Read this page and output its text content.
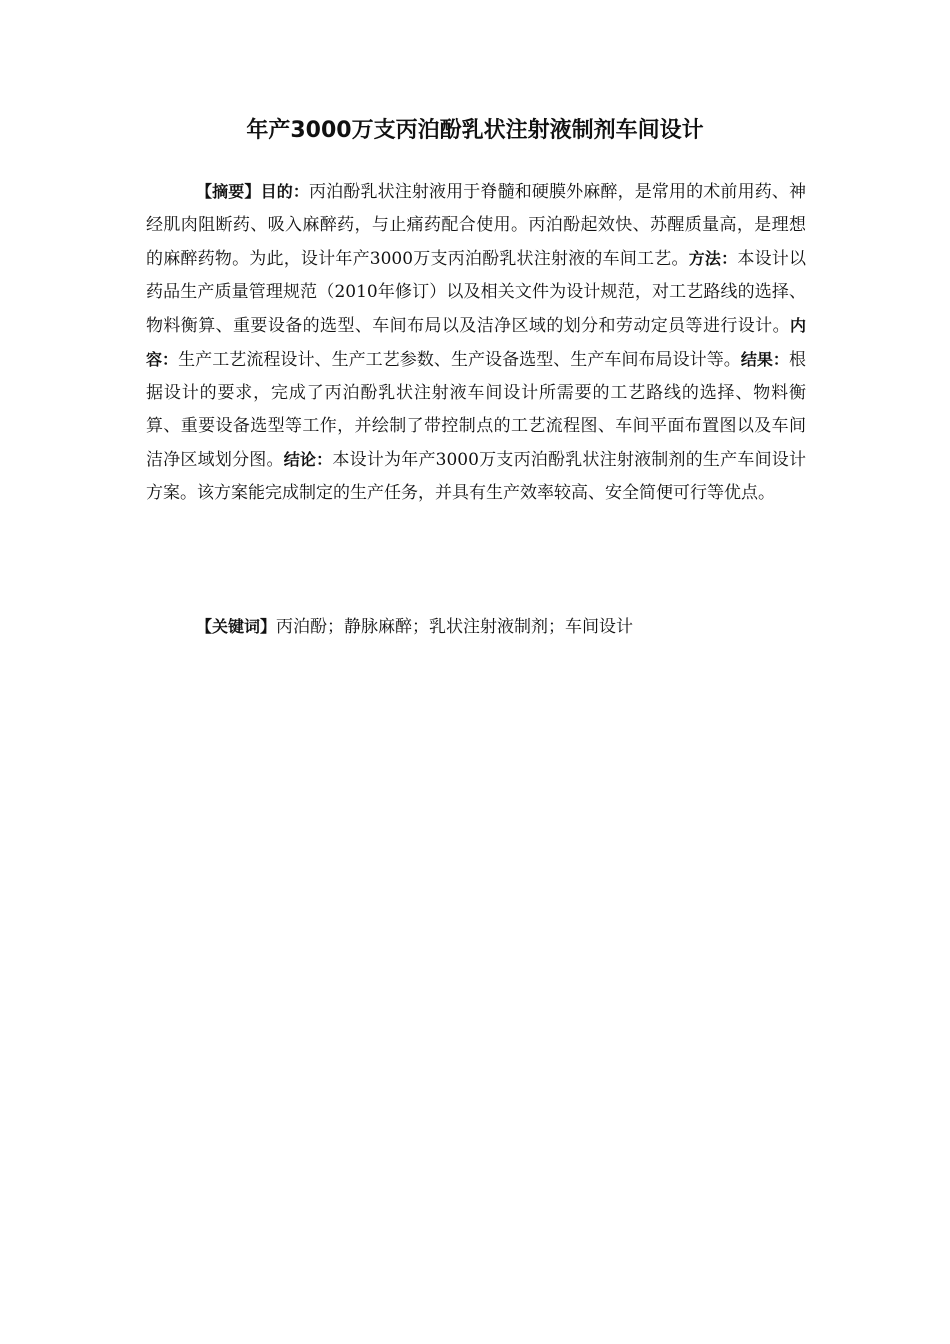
年产3000万支丙泊酚乳状注射液制剂车间设计

【摘要】目的：丙泊酚乳状注射液用于脊髓和硬膜外麻醉，是常用的术前用药、神经肌肉阻断药、吸入麻醉药，与止痛药配合使用。丙泊酚起效快、苏醒质量高，是理想的麻醉药物。为此，设计年产3000万支丙泊酚乳状注射液的车间工艺。方法：本设计以药品生产质量管理规范（2010年修订）以及相关文件为设计规范，对工艺路线的选择、物料衡算、重要设备的选型、车间布局以及洁净区域的划分和劳动定员等进行设计。内容：生产工艺流程设计、生产工艺参数、生产设备选型、生产车间布局设计等。结果：根据设计的要求，完成了丙泊酚乳状注射液车间设计所需要的工艺路线的选择、物料衡算、重要设备选型等工作，并绘制了带控制点的工艺流程图、车间平面布置图以及车间洁净区域划分图。结论：本设计为年产3000万支丙泊酚乳状注射液制剂的生产车间设计方案。该方案能完成制定的生产任务，并具有生产效率较高、安全简便可行等优点。

【关键词】丙泊酚；静脉麻醉；乳状注射液制剂；车间设计
